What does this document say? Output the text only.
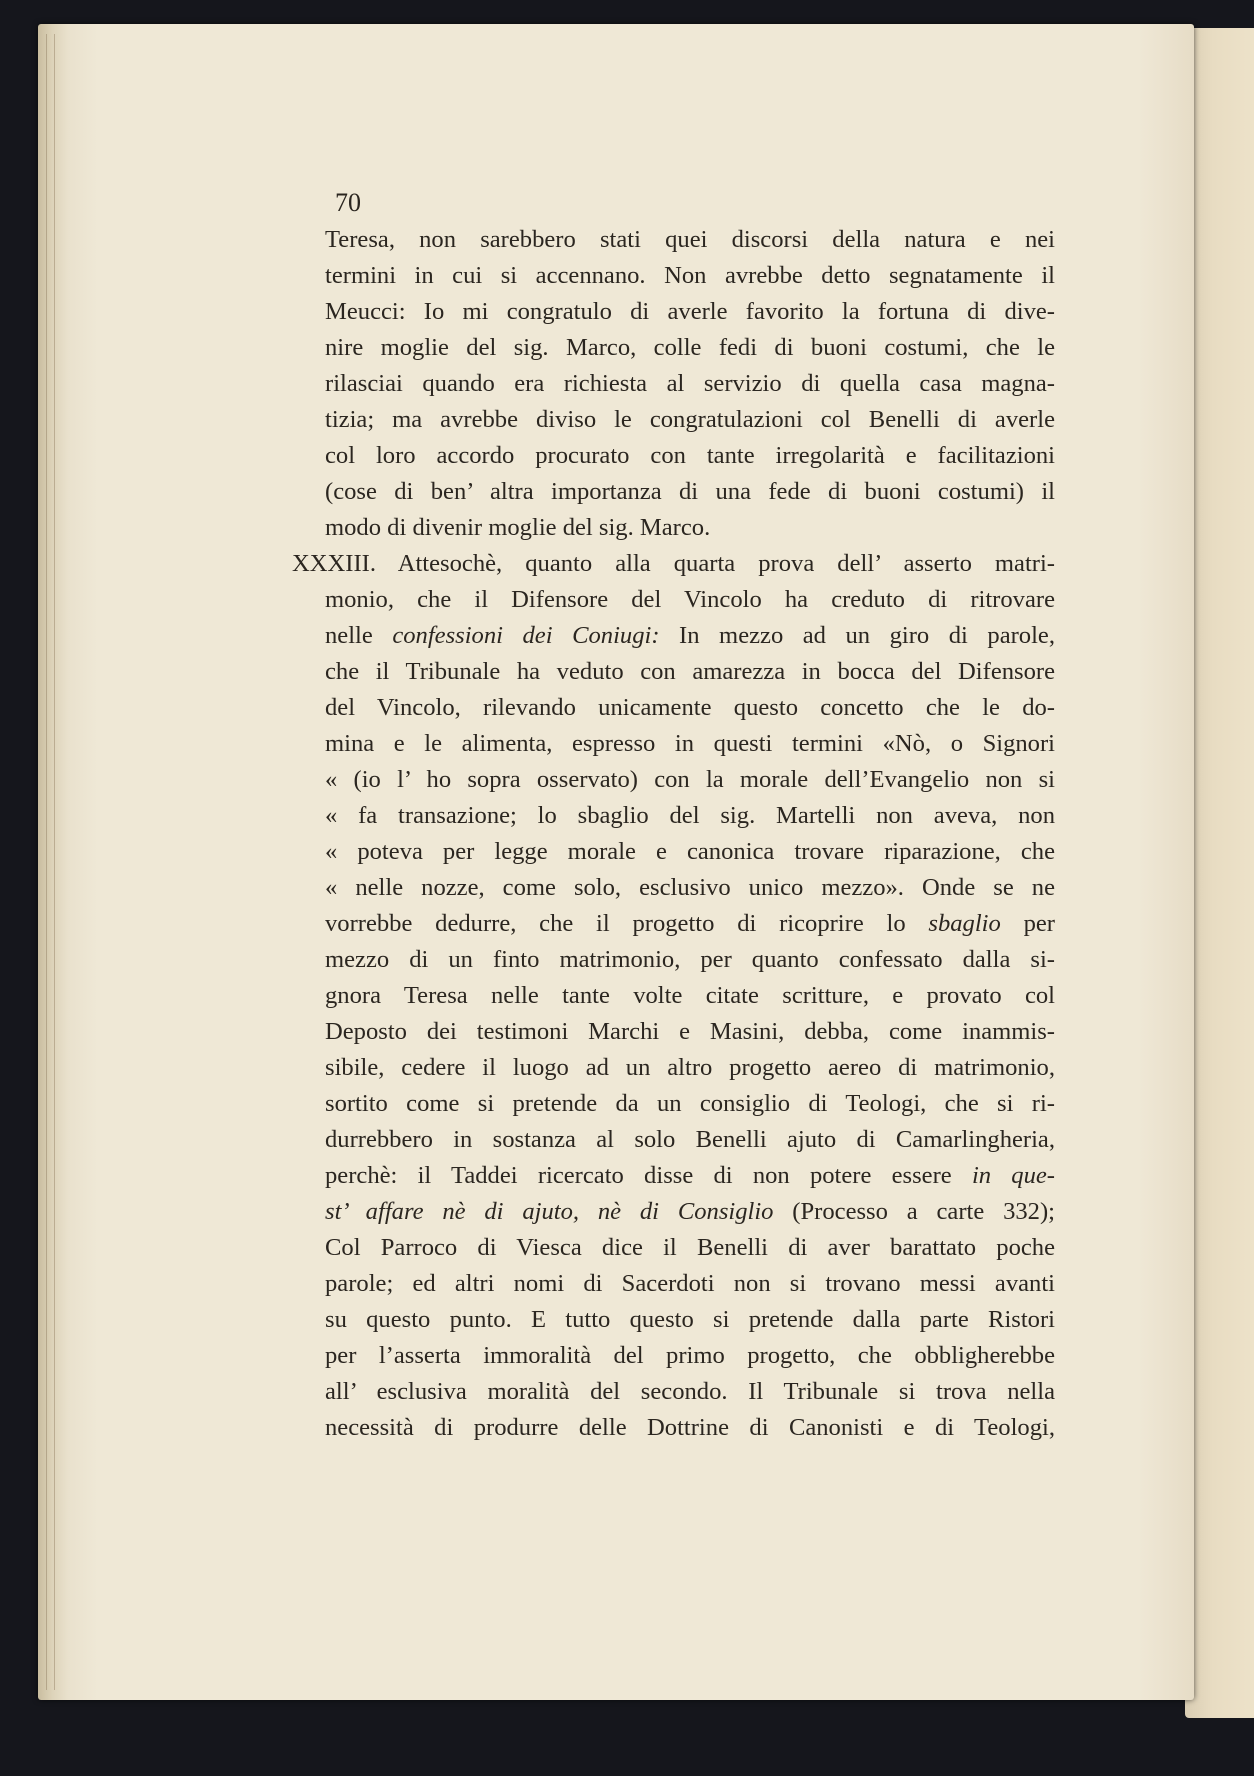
70
Teresa, non sarebbero stati quei discorsi della natura e nei
termini in cui si accennano. Non avrebbe detto segnatamente il
Meucci: Io mi congratulo di averle favorito la fortuna di dive-
nire moglie del sig. Marco, colle fedi di buoni costumi, che le
rilasciai quando era richiesta al servizio di quella casa magna-
tizia; ma avrebbe diviso le congratulazioni col Benelli di averle
col loro accordo procurato con tante irregolarità e facilitazioni
(cose di ben’ altra importanza di una fede di buoni costumi) il
modo di divenir moglie del sig. Marco.
XXXIII. Attesochè, quanto alla quarta prova dell’ asserto matri-
monio, che il Difensore del Vincolo ha creduto di ritrovare
nelle confessioni dei Coniugi: In mezzo ad un giro di parole,
che il Tribunale ha veduto con amarezza in bocca del Difensore
del Vincolo, rilevando unicamente questo concetto che le do-
mina e le alimenta, espresso in questi termini «Nò, o Signori
« (io l’ ho sopra osservato) con la morale dell’Evangelio non si
« fa transazione; lo sbaglio del sig. Martelli non aveva, non
« poteva per legge morale e canonica trovare riparazione, che
« nelle nozze, come solo, esclusivo unico mezzo». Onde se ne
vorrebbe dedurre, che il progetto di ricoprire lo sbaglio per
mezzo di un finto matrimonio, per quanto confessato dalla si-
gnora Teresa nelle tante volte citate scritture, e provato col
Deposto dei testimoni Marchi e Masini, debba, come inammis-
sibile, cedere il luogo ad un altro progetto aereo di matrimonio,
sortito come si pretende da un consiglio di Teologi, che si ri-
durrebbero in sostanza al solo Benelli ajuto di Camarlingheria,
perchè: il Taddei ricercato disse di non potere essere in que-
st’ affare nè di ajuto, nè di Consiglio (Processo a carte 332);
Col Parroco di Viesca dice il Benelli di aver barattato poche
parole; ed altri nomi di Sacerdoti non si trovano messi avanti
su questo punto. E tutto questo si pretende dalla parte Ristori
per l’asserta immoralità del primo progetto, che obbligherebbe
all’ esclusiva moralità del secondo. Il Tribunale si trova nella
necessità di produrre delle Dottrine di Canonisti e di Teologi,
